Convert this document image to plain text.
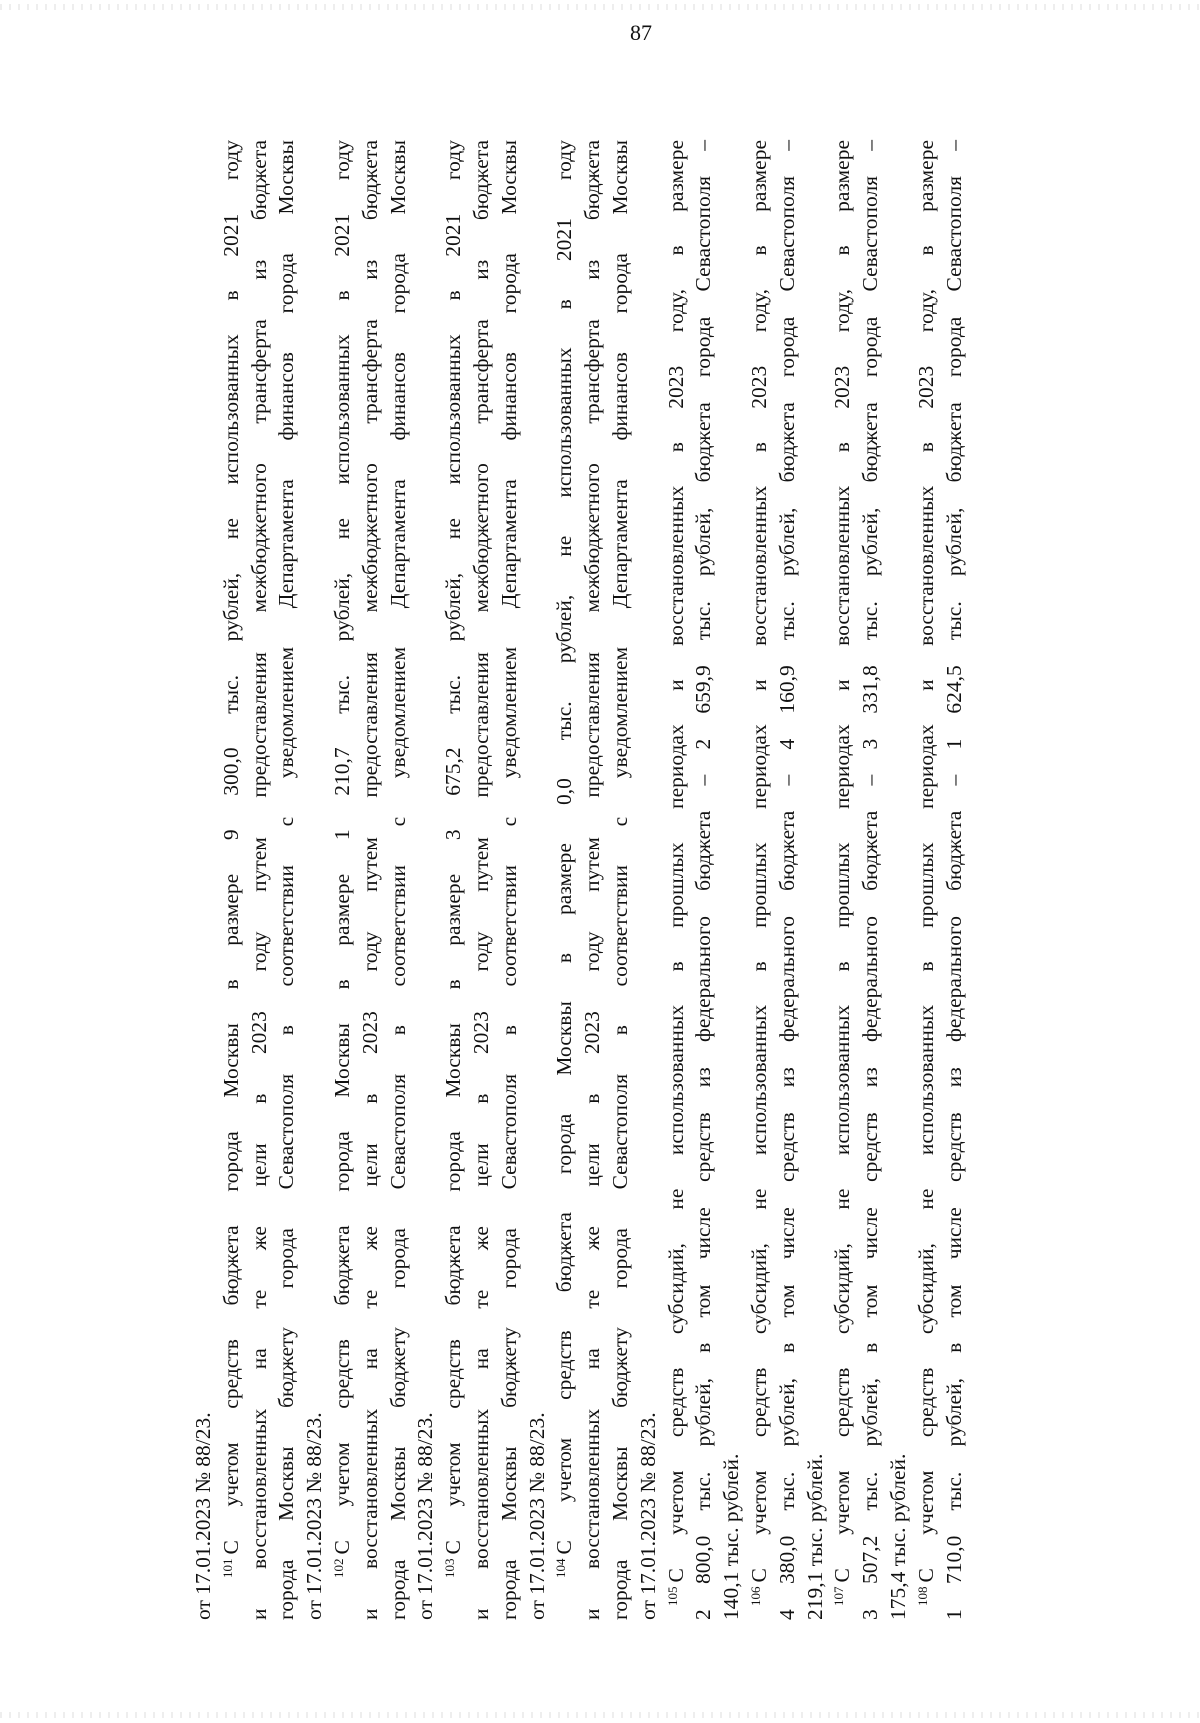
87
от 17.01.2023 № 88/23. $^{101}$С учетом средств бюджета города Москвы в размере 9 300,0 тыс. рублей, не использованных в 2021 году и восстановленных на те же цели в 2023 году путем предоставления межбюджетного трансферта из бюджета города Москвы бюджету города Севастополя в соответствии с уведомлением Департамента финансов города Москвы от 17.01.2023 № 88/23. $^{102}$С учетом средств бюджета города Москвы в размере 1 210,7 тыс. рублей, не использованных в 2021 году и восстановленных на те же цели в 2023 году путем предоставления межбюджетного трансферта из бюджета города Москвы бюджету города Севастополя в соответствии с уведомлением Департамента финансов города Москвы от 17.01.2023 № 88/23. $^{103}$С учетом средств бюджета города Москвы в размере 3 675,2 тыс. рублей, не использованных в 2021 году и восстановленных на те же цели в 2023 году путем предоставления межбюджетного трансферта из бюджета города Москвы бюджету города Севастополя в соответствии с уведомлением Департамента финансов города Москвы от 17.01.2023 № 88/23. $^{104}$С учетом средств бюджета города Москвы в размере 0,0 тыс. рублей, не использованных в 2021 году и восстановленных на те же цели в 2023 году путем предоставления межбюджетного трансферта из бюджета города Москвы бюджету города Севастополя в соответствии с уведомлением Департамента финансов города Москвы от 17.01.2023 № 88/23. $^{105}$С учетом средств субсидий, не использованных в прошлых периодах и восстановленных в 2023 году, в размере 2 800,0 тыс. рублей, в том числе средств из федерального бюджета – 2 659,9 тыс. рублей, бюджета города Севастополя – 140,1 тыс. рублей. $^{106}$С учетом средств субсидий, не использованных в прошлых периодах и восстановленных в 2023 году, в размере 4 380,0 тыс. рублей, в том числе средств из федерального бюджета – 4 160,9 тыс. рублей, бюджета города Севастополя – 219,1 тыс. рублей. $^{107}$С учетом средств субсидий, не использованных в прошлых периодах и восстановленных в 2023 году, в размере 3 507,2 тыс. рублей, в том числе средств из федерального бюджета – 3 331,8 тыс. рублей, бюджета города Севастополя – 175,4 тыс. рублей. $^{108}$С учетом средств субсидий, не использованных в прошлых периодах и восстановленных в 2023 году, в размере 1 710,0 тыс. рублей, в том числе средств из федерального бюджета – 1 624,5 тыс. рублей, бюджета города Севастополя –
